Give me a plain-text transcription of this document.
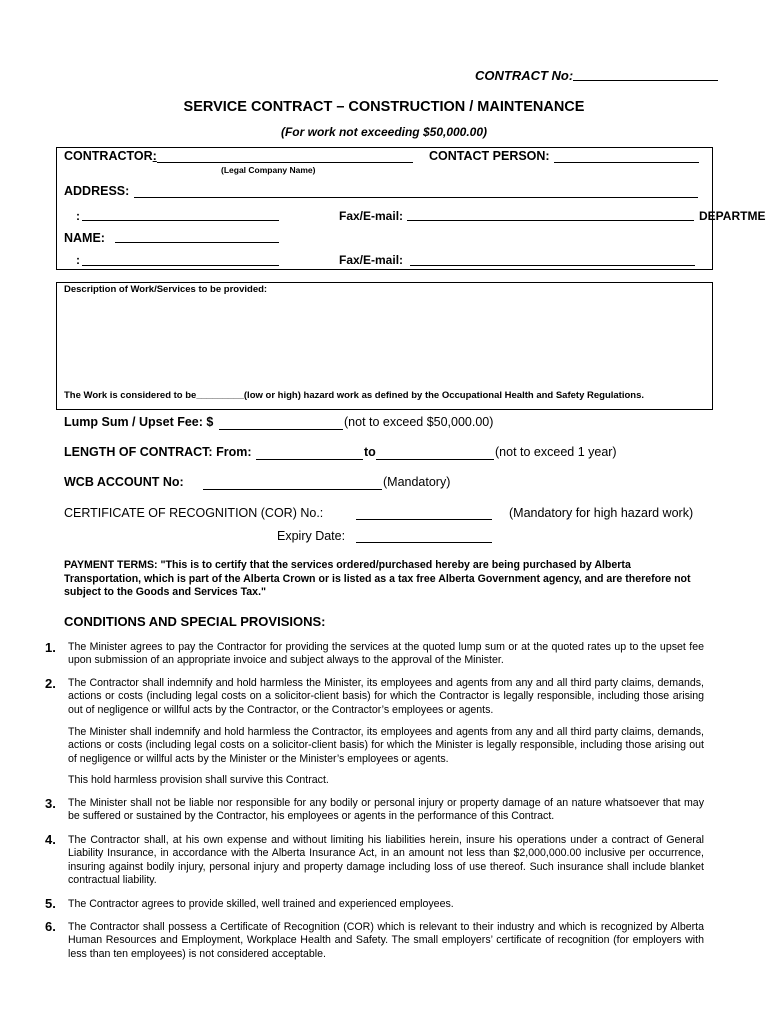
CONTRACT No:
SERVICE CONTRACT – CONSTRUCTION / MAINTENANCE
(For work not exceeding $50,000.00)
CONTRACTOR:
(Legal Company Name)
CONTACT PERSON:
ADDRESS:
:	Fax/E-mail:	DEPARTME
NAME:
:	Fax/E-mail:
Description of Work/Services to be provided:
The Work is considered to be_________(low or high) hazard work as defined by the Occupational Health and Safety Regulations.
Lump Sum / Upset Fee: $	(not to exceed $50,000.00)
LENGTH OF CONTRACT: From:	to	(not to exceed 1 year)
WCB ACCOUNT No:	(Mandatory)
CERTIFICATE OF RECOGNITION (COR) No.:	(Mandatory for high hazard work)
Expiry Date:
PAYMENT TERMS: "This is to certify that the services ordered/purchased hereby are being purchased by Alberta Transportation, which is part of the Alberta Crown or is listed as a tax free Alberta Government agency, and are therefore not subject to the Goods and Services Tax."
CONDITIONS AND SPECIAL PROVISIONS:
1. The Minister agrees to pay the Contractor for providing the services at the quoted lump sum or at the quoted rates up to the upset fee upon submission of an appropriate invoice and subject always to the approval of the Minister.
2. The Contractor shall indemnify and hold harmless the Minister, its employees and agents from any and all third party claims, demands, actions or costs (including legal costs on a solicitor-client basis) for which the Contractor is legally responsible, including those arising out of negligence or willful acts by the Contractor, or the Contractor’s employees or agents.
The Minister shall indemnify and hold harmless the Contractor, its employees and agents from any and all third party claims, demands, actions or costs (including legal costs on a solicitor-client basis) for which the Minister is legally responsible, including those arising out of negligence or willful acts by the Minister or the Minister’s employees or agents.
This hold harmless provision shall survive this Contract.
3. The Minister shall not be liable nor responsible for any bodily or personal injury or property damage of an nature whatsoever that may be suffered or sustained by the Contractor, his employees or agents in the performance of this Contract.
4. The Contractor shall, at his own expense and without limiting his liabilities herein, insure his operations under a contract of General Liability Insurance, in accordance with the Alberta Insurance Act, in an amount not less than $2,000,000.00 inclusive per occurrence, insuring against bodily injury, personal injury and property damage including loss of use thereof. Such insurance shall include blanket contractual liability.
5. The Contractor agrees to provide skilled, well trained and experienced employees.
6. The Contractor shall possess a Certificate of Recognition (COR) which is relevant to their industry and which is recognized by Alberta Human Resources and Employment, Workplace Health and Safety. The small employers’ certificate of recognition (for employers with less than ten employees) is not considered acceptable.
